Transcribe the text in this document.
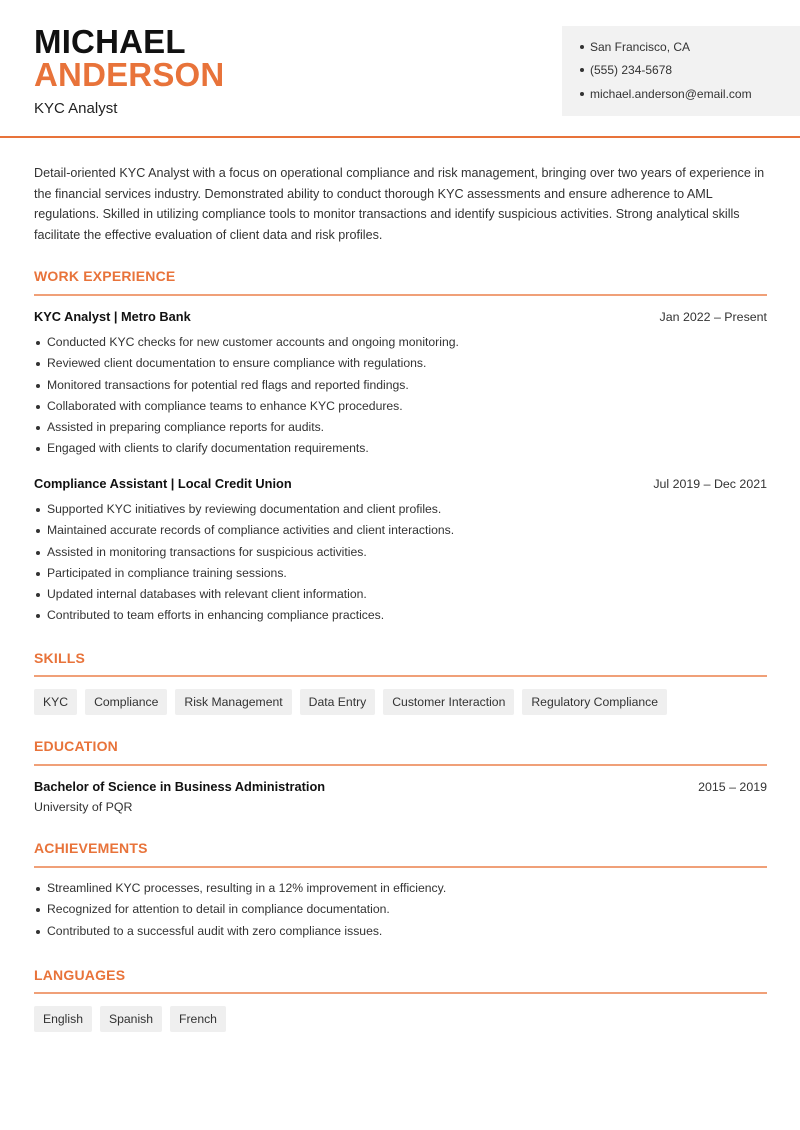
MICHAEL
ANDERSON
KYC Analyst
San Francisco, CA
(555) 234-5678
michael.anderson@email.com

Detail-oriented KYC Analyst with a focus on operational compliance and risk management, bringing over two years of experience in the financial services industry. Demonstrated ability to conduct thorough KYC assessments and ensure adherence to AML regulations. Skilled in utilizing compliance tools to monitor transactions and identify suspicious activities. Strong analytical skills facilitate the effective evaluation of client data and risk profiles.

WORK EXPERIENCE
KYC Analyst | Metro Bank	Jan 2022 – Present
Conducted KYC checks for new customer accounts and ongoing monitoring.
Reviewed client documentation to ensure compliance with regulations.
Monitored transactions for potential red flags and reported findings.
Collaborated with compliance teams to enhance KYC procedures.
Assisted in preparing compliance reports for audits.
Engaged with clients to clarify documentation requirements.
Compliance Assistant | Local Credit Union	Jul 2019 – Dec 2021
Supported KYC initiatives by reviewing documentation and client profiles.
Maintained accurate records of compliance activities and client interactions.
Assisted in monitoring transactions for suspicious activities.
Participated in compliance training sessions.
Updated internal databases with relevant client information.
Contributed to team efforts in enhancing compliance practices.
SKILLS
KYC	Compliance	Risk Management	Data Entry	Customer Interaction	Regulatory Compliance
EDUCATION
Bachelor of Science in Business Administration	2015 – 2019
University of PQR
ACHIEVEMENTS
Streamlined KYC processes, resulting in a 12% improvement in efficiency.
Recognized for attention to detail in compliance documentation.
Contributed to a successful audit with zero compliance issues.
LANGUAGES
English	Spanish	French
